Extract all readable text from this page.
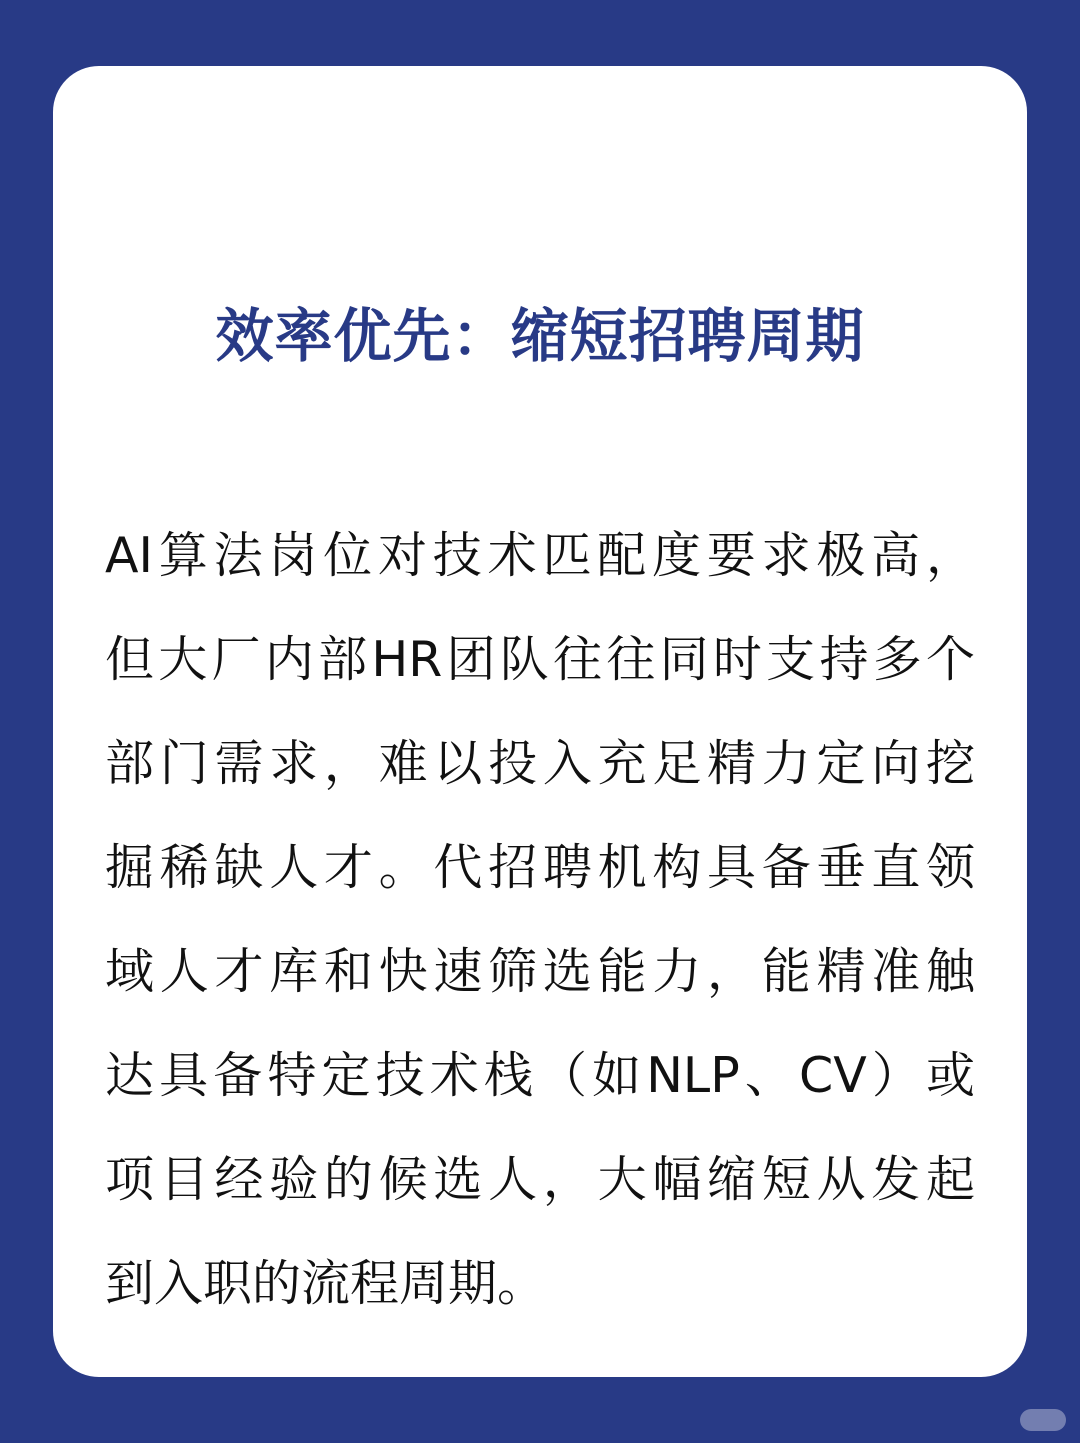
效率优先：缩短招聘周期
AI算法岗位对技术匹配度要求极高，
但大厂内部HR团队往往同时支持多个
部门需求，难以投入充足精力定向挖
掘稀缺人才。代招聘机构具备垂直领
域人才库和快速筛选能力，能精准触
达具备特定技术栈（如NLP、CV）或
项目经验的候选人，大幅缩短从发起
到入职的流程周期。
